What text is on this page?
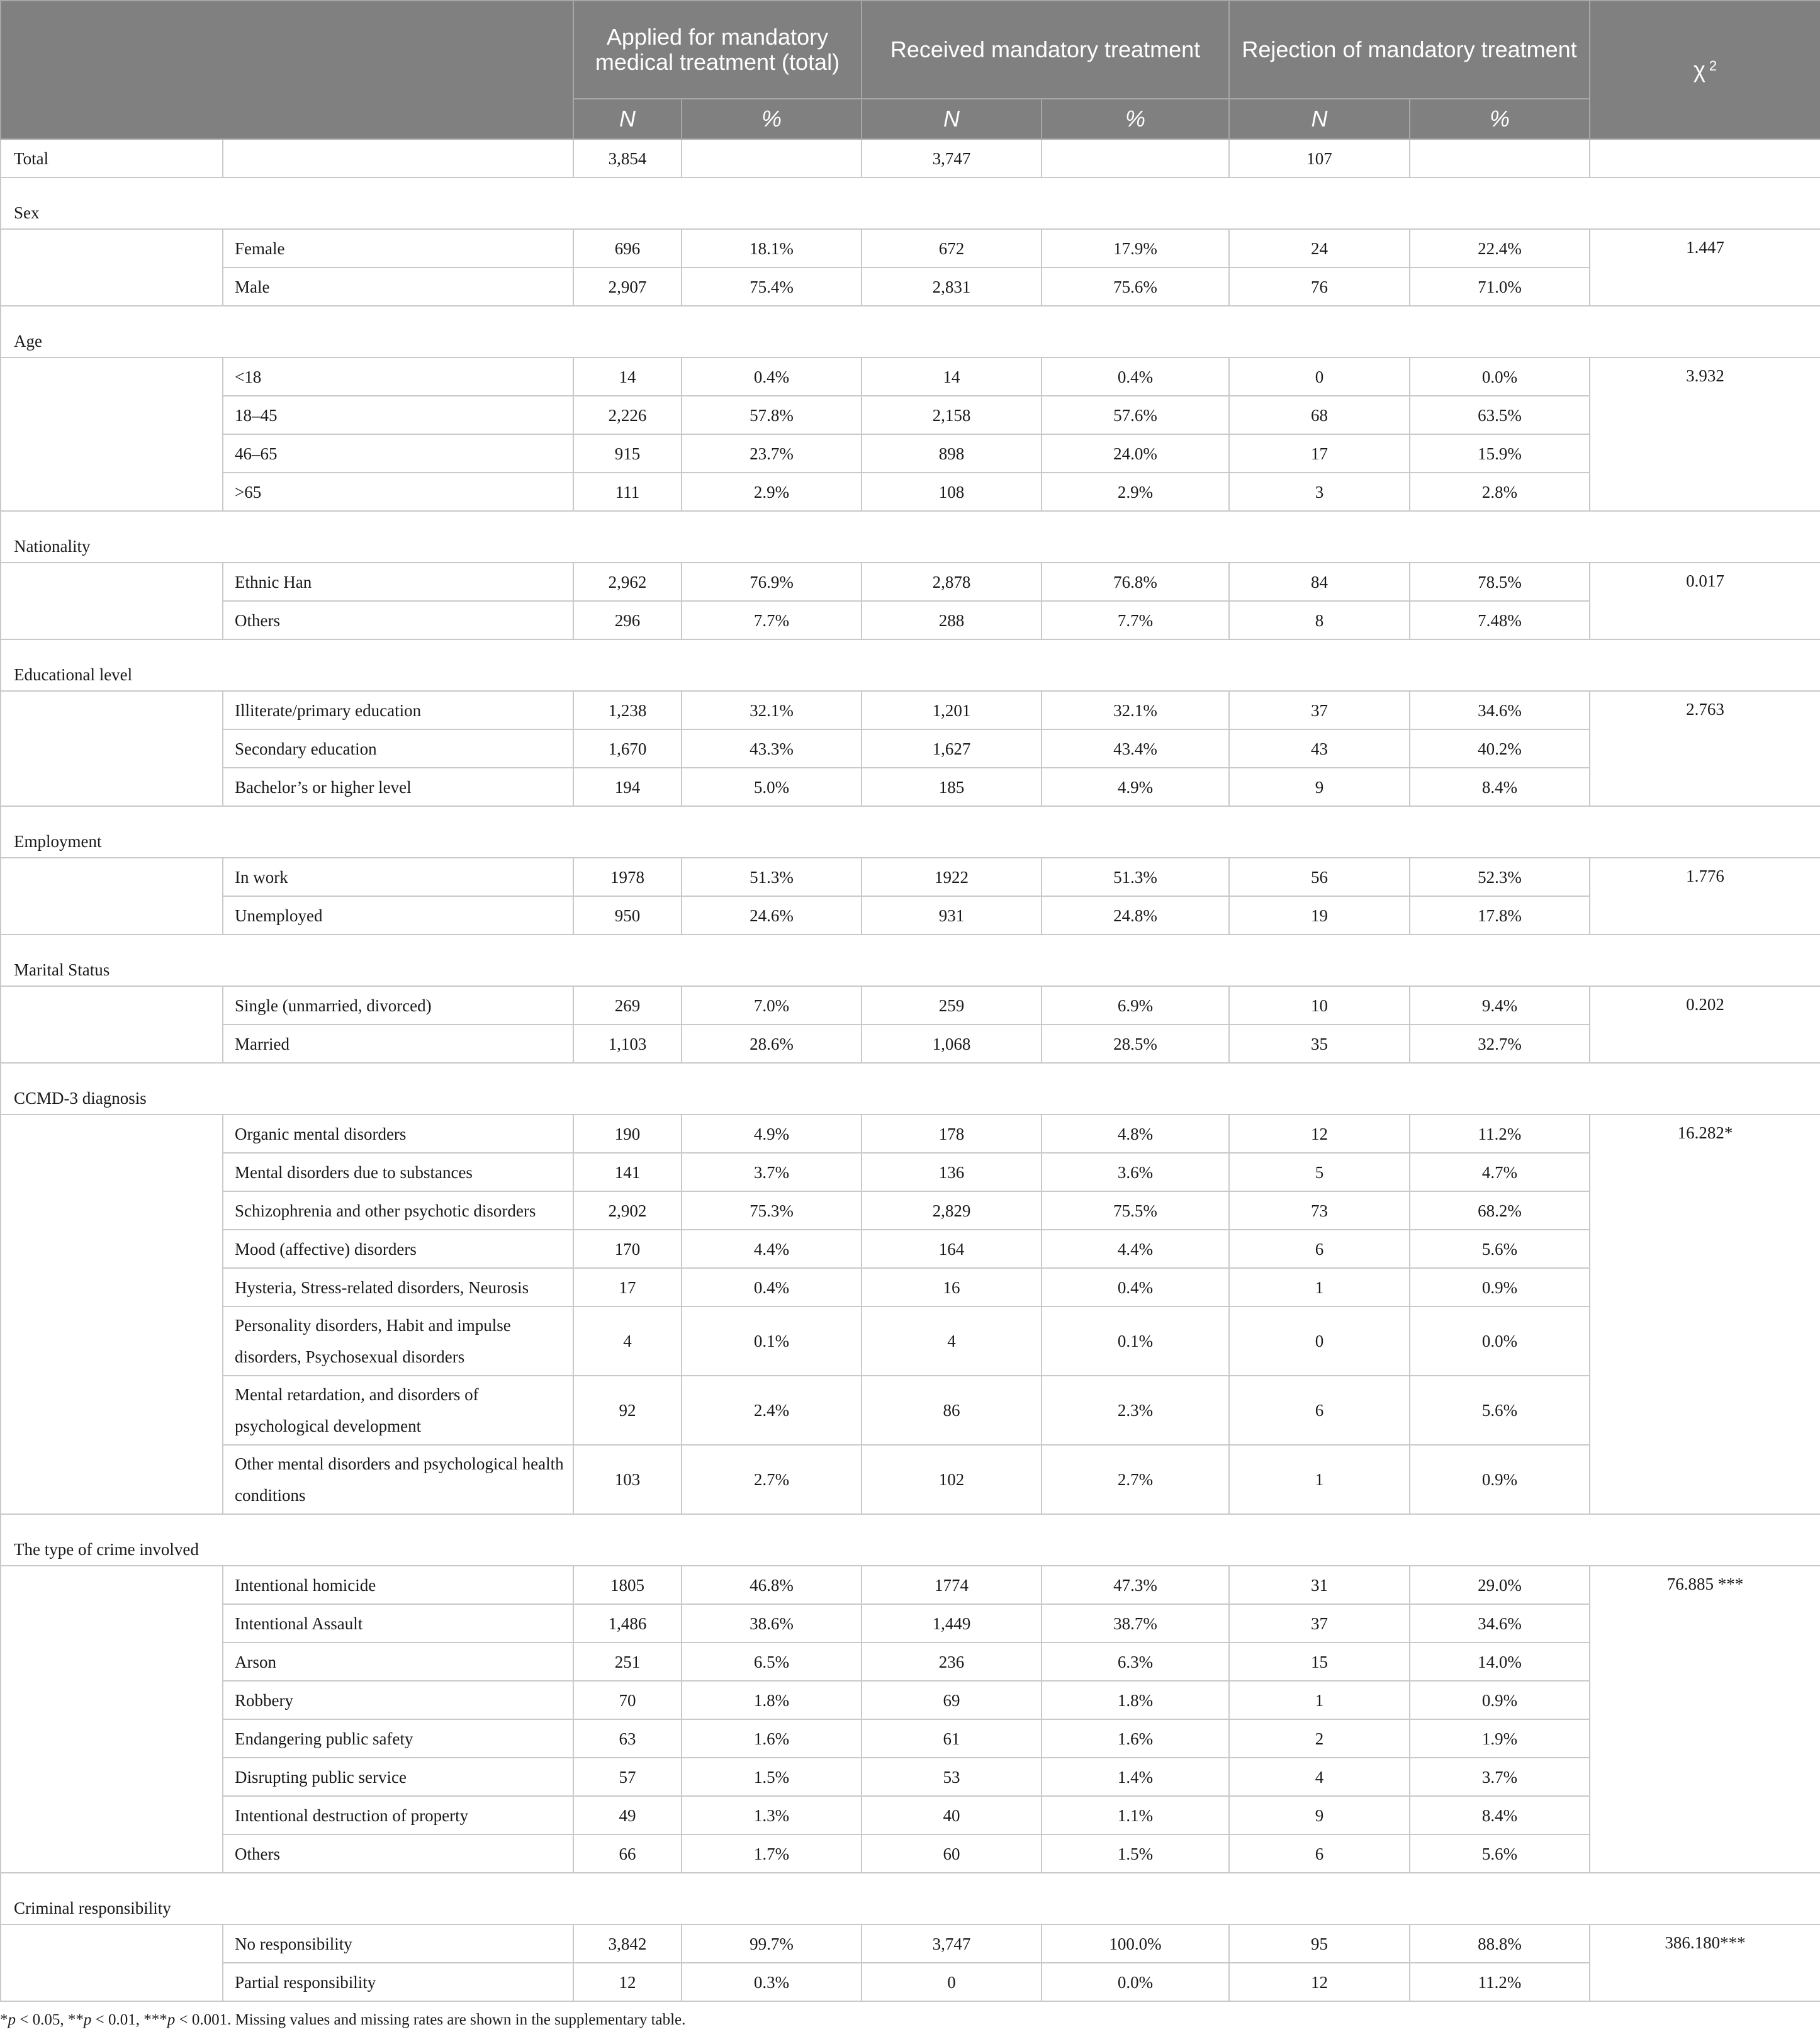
		Applied for mandatory medical treatment (total)		Received mandatory treatment		Rejection of mandatory treatment		χ $^2$
		N	%	N	%	N	%	
Total		3,854		3,747		107		
Sex								
	Female	696	18.1%	672	17.9%	24	22.4%	1.447
	Male	2,907	75.4%	2,831	75.6%	76	71.0%	
Age								
	<18	14	0.4%	14	0.4%	0	0.0%	3.932
	18–45	2,226	57.8%	2,158	57.6%	68	63.5%	
	46–65	915	23.7%	898	24.0%	17	15.9%	
	>65	111	2.9%	108	2.9%	3	2.8%	
Nationality								
	Ethnic Han	2,962	76.9%	2,878	76.8%	84	78.5%	0.017
	Others	296	7.7%	288	7.7%	8	7.48%	
Educational level								
	Illiterate/primary education	1,238	32.1%	1,201	32.1%	37	34.6%	2.763
	Secondary education	1,670	43.3%	1,627	43.4%	43	40.2%	
	Bachelor’s or higher level	194	5.0%	185	4.9%	9	8.4%	
Employment								
	In work	1978	51.3%	1922	51.3%	56	52.3%	1.776
	Unemployed	950	24.6%	931	24.8%	19	17.8%	
Marital Status								
	Single (unmarried, divorced)	269	7.0%	259	6.9%	10	9.4%	0.202
	Married	1,103	28.6%	1,068	28.5%	35	32.7%	
CCMD-3 diagnosis								
	Organic mental disorders	190	4.9%	178	4.8%	12	11.2%	16.282*
	Mental disorders due to substances	141	3.7%	136	3.6%	5	4.7%	
	Schizophrenia and other psychotic disorders	2,902	75.3%	2,829	75.5%	73	68.2%	
	Mood (affective) disorders	170	4.4%	164	4.4%	6	5.6%	
	Hysteria, Stress-related disorders, Neurosis	17	0.4%	16	0.4%	1	0.9%	
	Personality disorders, Habit and impulse disorders, Psychosexual disorders	4	0.1%	4	0.1%	0	0.0%	
	Mental retardation, and disorders of psychological development	92	2.4%	86	2.3%	6	5.6%	
	Other mental disorders and psychological health conditions	103	2.7%	102	2.7%	1	0.9%	
The type of crime involved								
	Intentional homicide	1805	46.8%	1774	47.3%	31	29.0%	76.885 ***
	Intentional Assault	1,486	38.6%	1,449	38.7%	37	34.6%	
	Arson	251	6.5%	236	6.3%	15	14.0%	
	Robbery	70	1.8%	69	1.8%	1	0.9%	
	Endangering public safety	63	1.6%	61	1.6%	2	1.9%	
	Disrupting public service	57	1.5%	53	1.4%	4	3.7%	
	Intentional destruction of property	49	1.3%	40	1.1%	9	8.4%	
	Others	66	1.7%	60	1.5%	6	5.6%	
Criminal responsibility								
	No responsibility	3,842	99.7%	3,747	100.0%	95	88.8%	386.180***
	Partial responsibility	12	0.3%	0	0.0%	12	11.2%	
*p < 0.05, **p < 0.01, ***p < 0.001. Missing values and missing rates are shown in the supplementary table.
